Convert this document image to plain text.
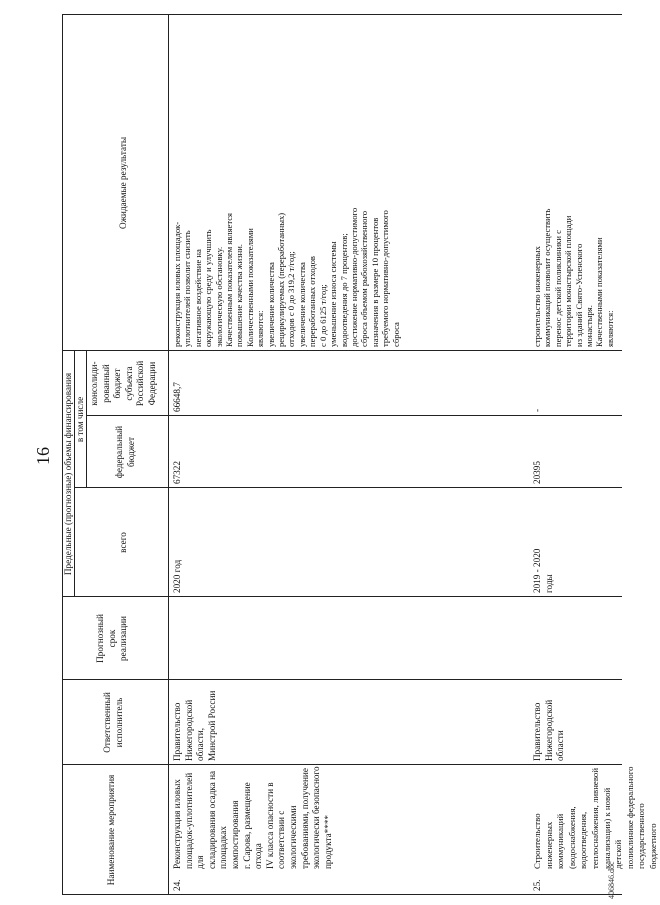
16
Наименование мероприятия
Ответственный
исполнитель
Прогнозный
срок
реализации
Предельные (прогнозные) объемы финансирования	всего
в том числе
федеральный
бюджет
консолиди-
рованный
бюджет
субъекта
Российской
Федерации
Ожидаемые результаты
24.
Реконструкция иловых
площадок-уплотнителей для
складирования осадка на
площадках компостирования
г. Сарова, размещение отхода
IV класса опасности в
соответствии с
экологическими
требованиями, получение
экологически безопасного
продукта****
Правительство
Нижегородской
области,
Минстрой России
2020 год
67322
66648,7
реконструкция иловых площадок-
уплотнителей позволит снизить
негативное воздействие на
окружающую среду и улучшить
экологическую обстановку.
Качественным показателем является
повышение качества жизни.
Количественными показателями
являются:
увеличение количества
рециркулируемых (переработанных)
отходов с 0 до 319,2 т/год;
увеличение количества
переработанных отходов
с 0 до 6125 т/год;
уменьшение износа системы
водоотведения до 7 процентов;
достижение нормативно-допустимого
сброса объемом рыбохозяйственного
назначения в размере 10 процентов
требуемого нормативно-допустимого
сброса
25.
Строительство инженерных
коммуникаций
(водоснабжения,
водоотведения,
теплоснабжения, ливневой
канализации) к новой детской
поликлинике федерального
государственного бюджетного
Правительство
Нижегородской
области
2019 - 2020
годы
20395
-
строительство инженерных
коммуникаций позволит осуществить
перенос детской поликлиники с
территории монастырской площади
из зданий Свято-Успенского
монастыря.
Качественными показателями
являются:
406846.doc
